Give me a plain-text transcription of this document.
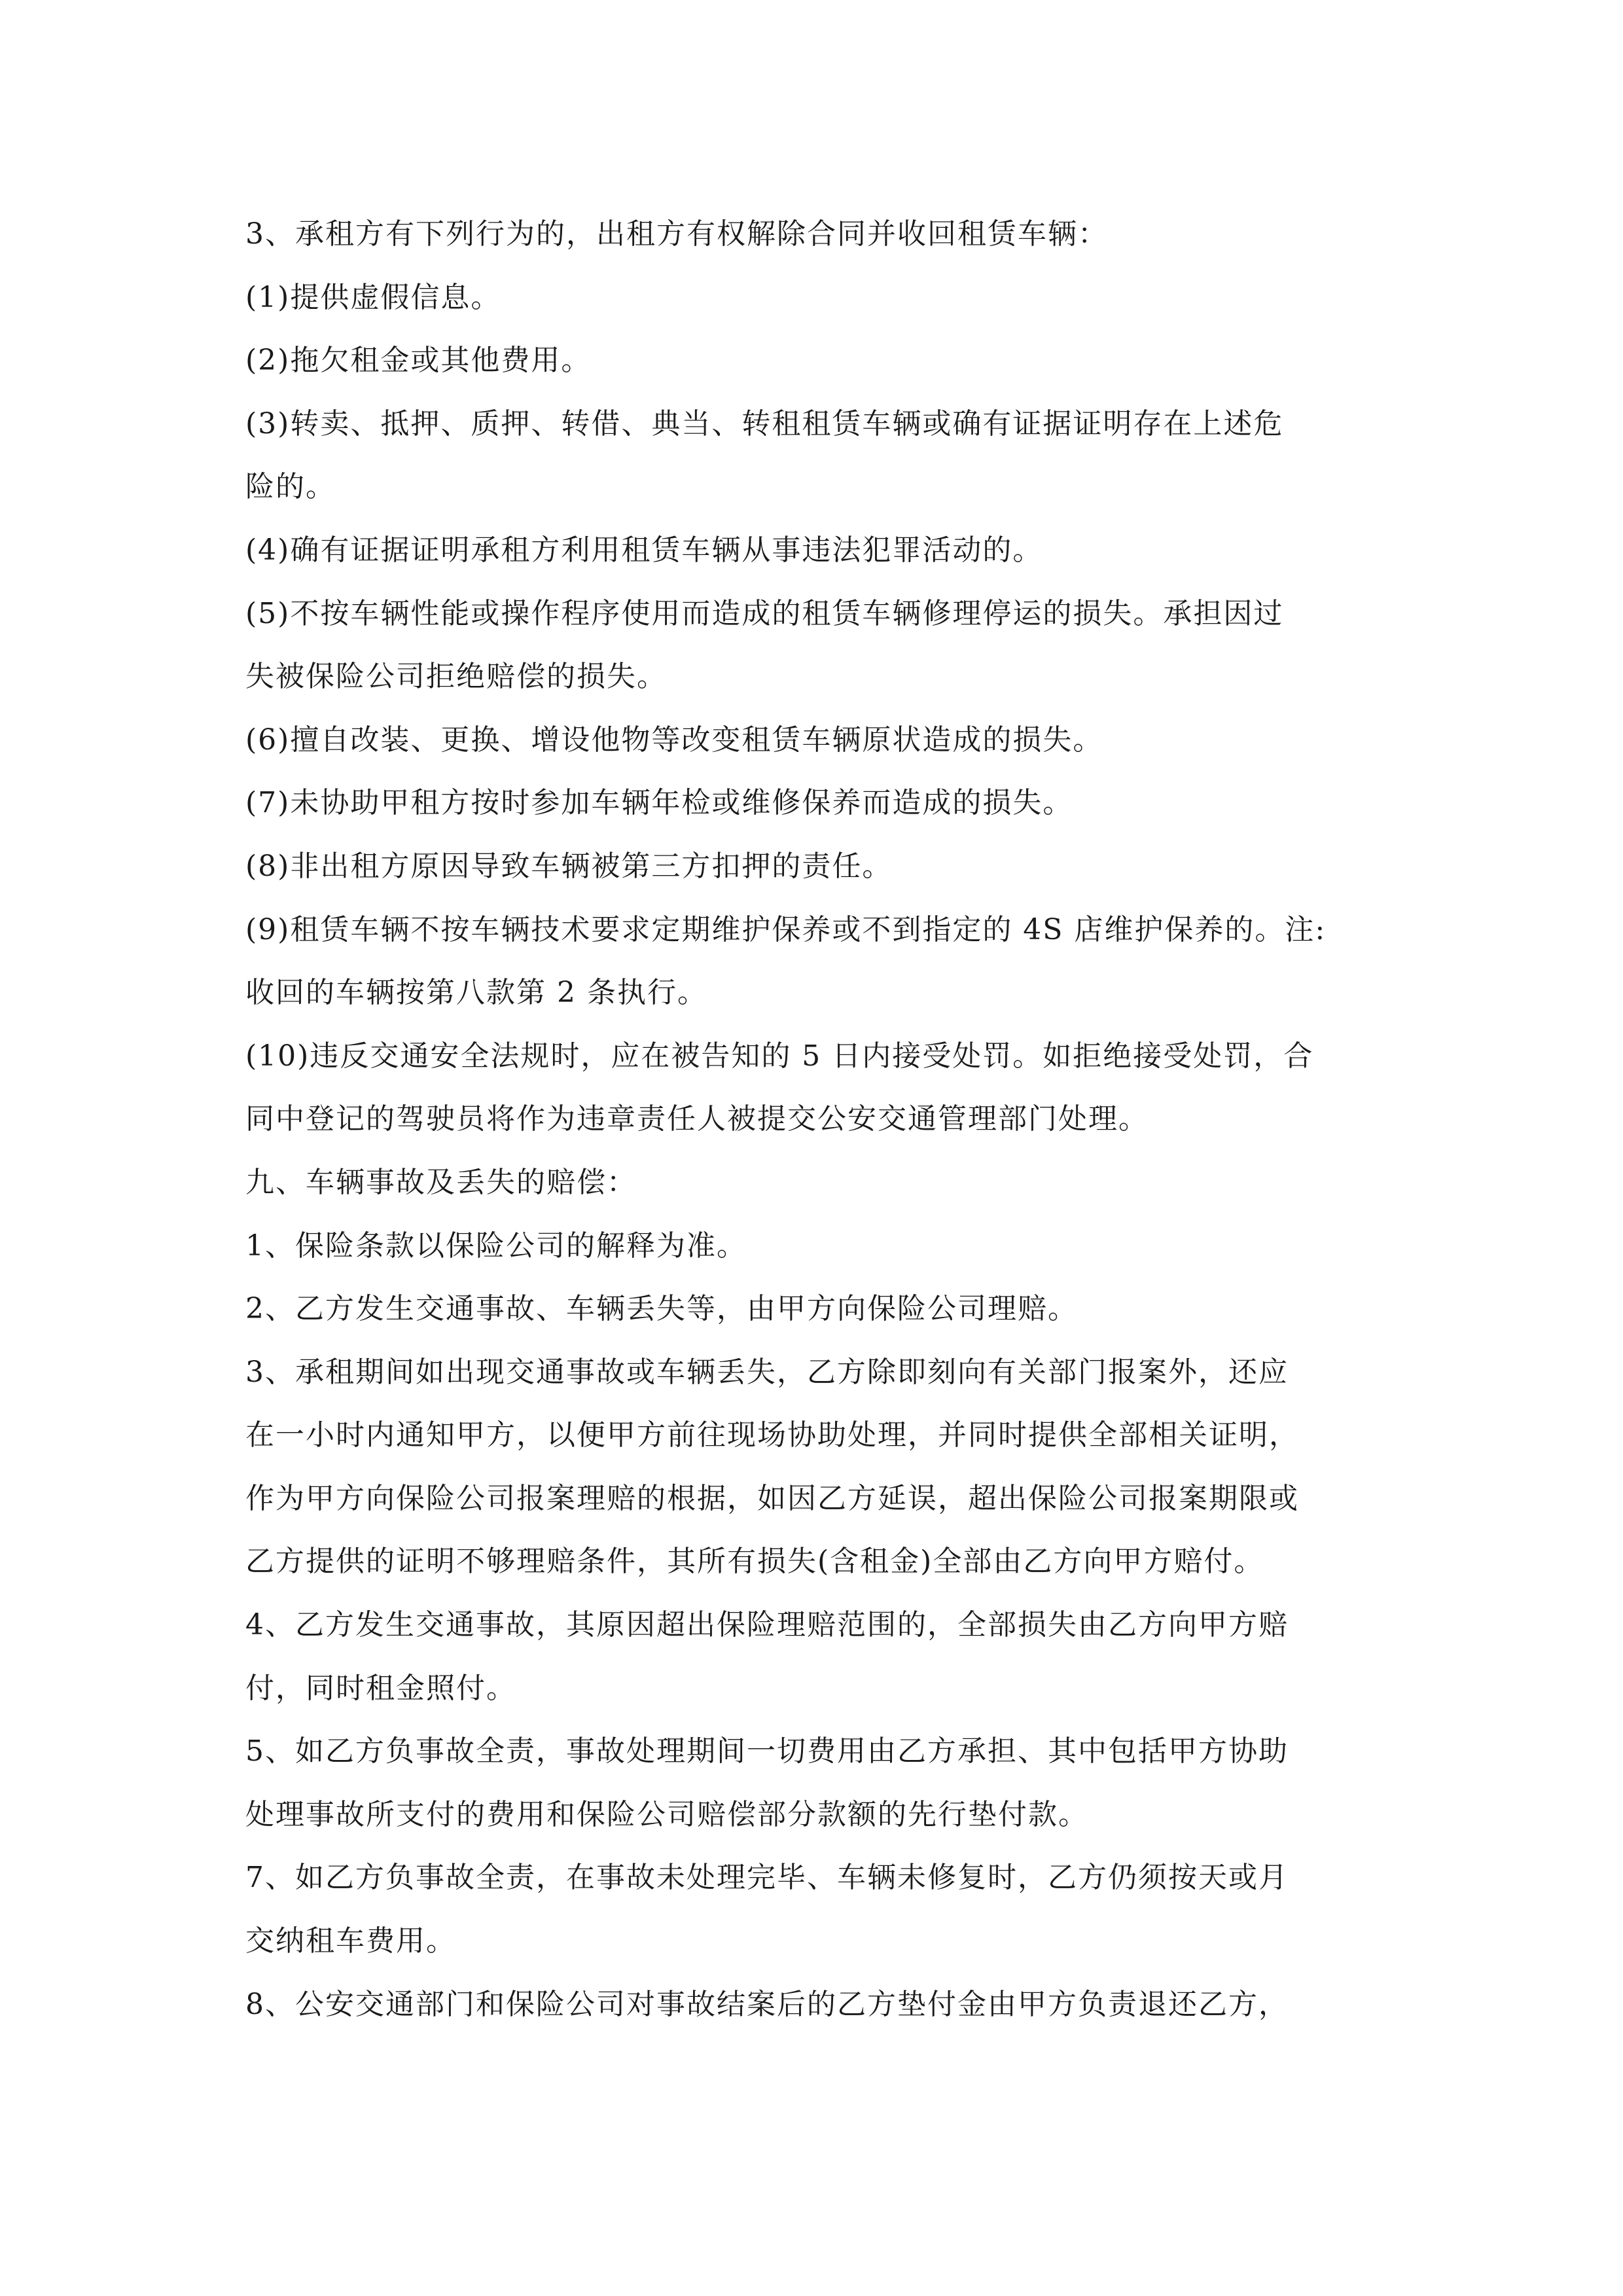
3、承租方有下列行为的，出租方有权解除合同并收回租赁车辆：
(1)提供虚假信息。
(2)拖欠租金或其他费用。
(3)转卖、抵押、质押、转借、典当、转租租赁车辆或确有证据证明存在上述危
险的。
(4)确有证据证明承租方利用租赁车辆从事违法犯罪活动的。
(5)不按车辆性能或操作程序使用而造成的租赁车辆修理停运的损失。承担因过
失被保险公司拒绝赔偿的损失。
(6)擅自改装、更换、增设他物等改变租赁车辆原状造成的损失。
(7)未协助甲租方按时参加车辆年检或维修保养而造成的损失。
(8)非出租方原因导致车辆被第三方扣押的责任。
(9)租赁车辆不按车辆技术要求定期维护保养或不到指定的 4S 店维护保养的。注:
收回的车辆按第八款第 2 条执行。
(10)违反交通安全法规时，应在被告知的 5 日内接受处罚。如拒绝接受处罚，合
同中登记的驾驶员将作为违章责任人被提交公安交通管理部门处理。
九、车辆事故及丢失的赔偿：
1、保险条款以保险公司的解释为准。
2、乙方发生交通事故、车辆丢失等，由甲方向保险公司理赔。
3、承租期间如出现交通事故或车辆丢失，乙方除即刻向有关部门报案外，还应
在一小时内通知甲方，以便甲方前往现场协助处理，并同时提供全部相关证明，
作为甲方向保险公司报案理赔的根据，如因乙方延误，超出保险公司报案期限或
乙方提供的证明不够理赔条件，其所有损失(含租金)全部由乙方向甲方赔付。
4、乙方发生交通事故，其原因超出保险理赔范围的，全部损失由乙方向甲方赔
付，同时租金照付。
5、如乙方负事故全责，事故处理期间一切费用由乙方承担、其中包括甲方协助
处理事故所支付的费用和保险公司赔偿部分款额的先行垫付款。
7、如乙方负事故全责，在事故未处理完毕、车辆未修复时，乙方仍须按天或月
交纳租车费用。
8、公安交通部门和保险公司对事故结案后的乙方垫付金由甲方负责退还乙方，
